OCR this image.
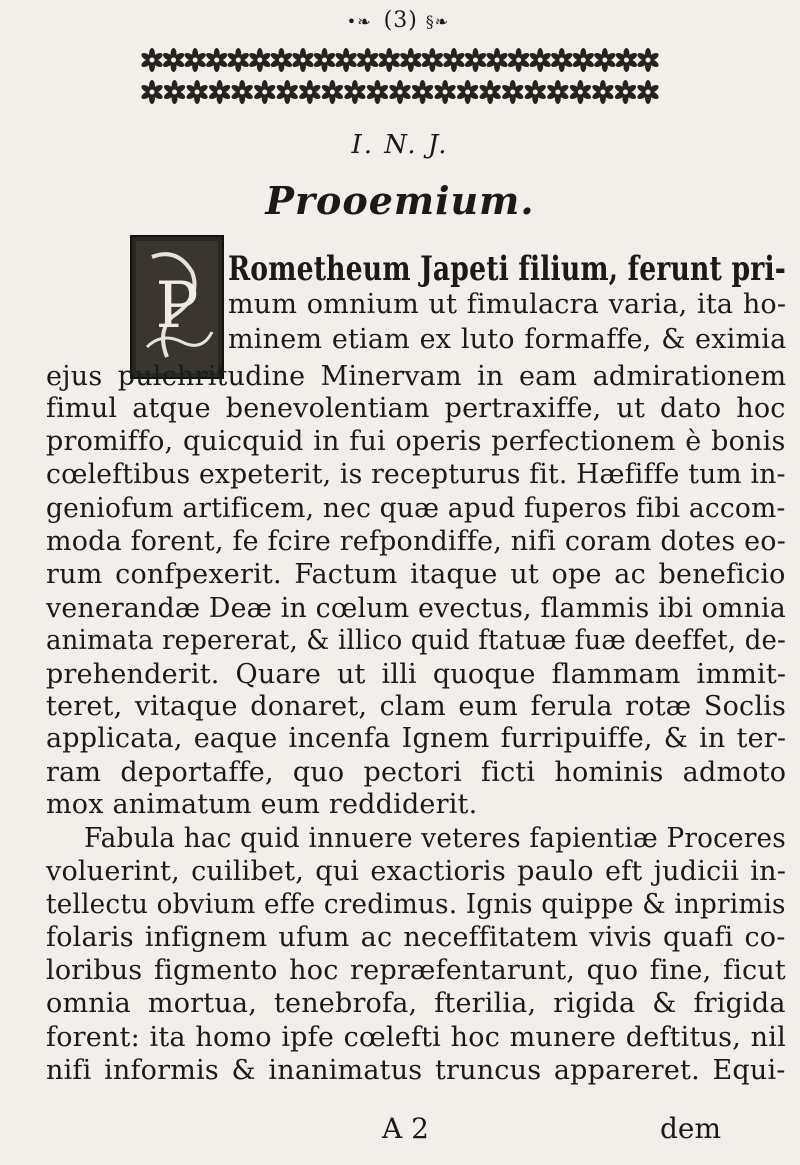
•❧ (3) §❧
I. N. J.
Prooemium.
P Rometheum Japeti filium, ferunt pri-
mum omnium ut fimulacra varia, ita ho-
minem etiam ex luto formaffe, & eximia
ejus pulchritudine Minervam in eam admirationem
fimul atque benevolentiam pertraxiffe, ut dato hoc
promiffo, quicquid in fui operis perfectionem è bonis
cœleftibus expeterit, is recepturus fit. Hæfiffe tum in-
geniofum artificem, nec quæ apud fuperos fibi accom-
moda forent, fe fcire refpondiffe, nifi coram dotes eo-
rum confpexerit. Factum itaque ut ope ac beneficio
venerandæ Deæ in cœlum evectus, flammis ibi omnia
animata repererat, & illico quid ftatuæ fuæ deeffet, de-
prehenderit. Quare ut illi quoque flammam immit-
teret, vitaque donaret, clam eum ferula rotæ Soclis
applicata, eaque incenfa Ignem furripuiffe, & in ter-
ram deportaffe, quo pectori ficti hominis admoto
mox animatum eum reddiderit.
Fabula hac quid innuere veteres fapientiæ Proceres
voluerint, cuilibet, qui exactioris paulo eft judicii in-
tellectu obvium effe credimus. Ignis quippe & inprimis
folaris infignem ufum ac neceffitatem vivis quafi co-
loribus figmento hoc repræfentarunt, quo fine, ficut
omnia mortua, tenebrofa, fterilia, rigida & frigida
forent: ita homo ipfe cœlefti hoc munere deftitus, nil
nifi informis & inanimatus truncus appareret. Equi-
A 2	dem
